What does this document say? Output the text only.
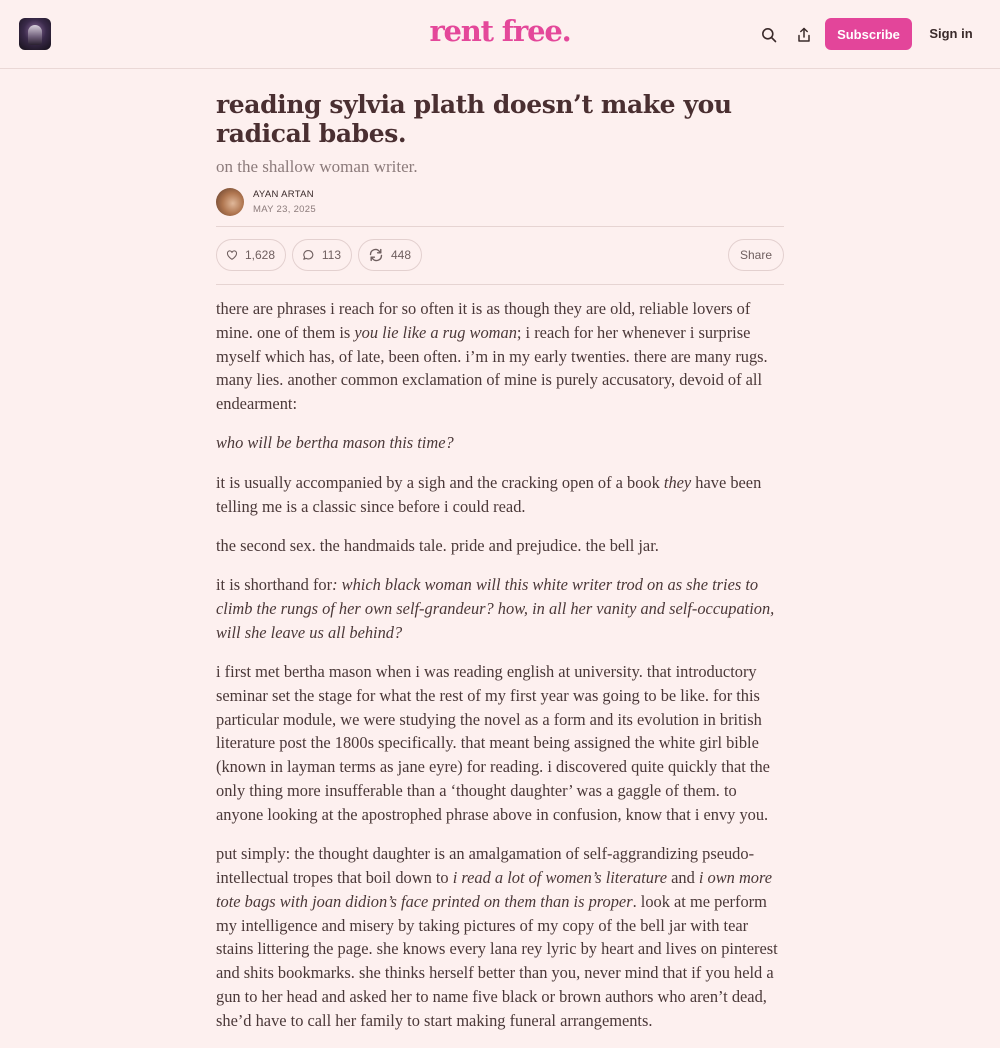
rent free.	Subscribe	Sign in
reading sylvia plath doesn’t make you radical babes.
on the shallow woman writer.
AYAN ARTAN
MAY 23, 2025
1,628	113	448	Share

there are phrases i reach for so often it is as though they are old, reliable lovers of mine. one of them is you lie like a rug woman; i reach for her whenever i surprise myself which has, of late, been often. i’m in my early twenties. there are many rugs. many lies. another common exclamation of mine is purely accusatory, devoid of all endearment:

who will be bertha mason this time?

it is usually accompanied by a sigh and the cracking open of a book they have been telling me is a classic since before i could read.

the second sex. the handmaids tale. pride and prejudice. the bell jar.

it is shorthand for: which black woman will this white writer trod on as she tries to climb the rungs of her own self-grandeur? how, in all her vanity and self-occupation, will she leave us all behind?

i first met bertha mason when i was reading english at university. that introductory seminar set the stage for what the rest of my first year was going to be like. for this particular module, we were studying the novel as a form and its evolution in british literature post the 1800s specifically. that meant being assigned the white girl bible (known in layman terms as jane eyre) for reading. i discovered quite quickly that the only thing more insufferable than a ‘thought daughter’ was a gaggle of them. to anyone looking at the apostrophed phrase above in confusion, know that i envy you.

put simply: the thought daughter is an amalgamation of self-aggrandizing pseudo-intellectual tropes that boil down to i read a lot of women’s literature and i own more tote bags with joan didion’s face printed on them than is proper. look at me perform my intelligence and misery by taking pictures of my copy of the bell jar with tear stains littering the page. she knows every lana rey lyric by heart and lives on pinterest and shits bookmarks. she thinks herself better than you, never mind that if you held a gun to her head and asked her to name five black or brown authors who aren’t dead, she’d have to call her family to start making funeral arrangements.
